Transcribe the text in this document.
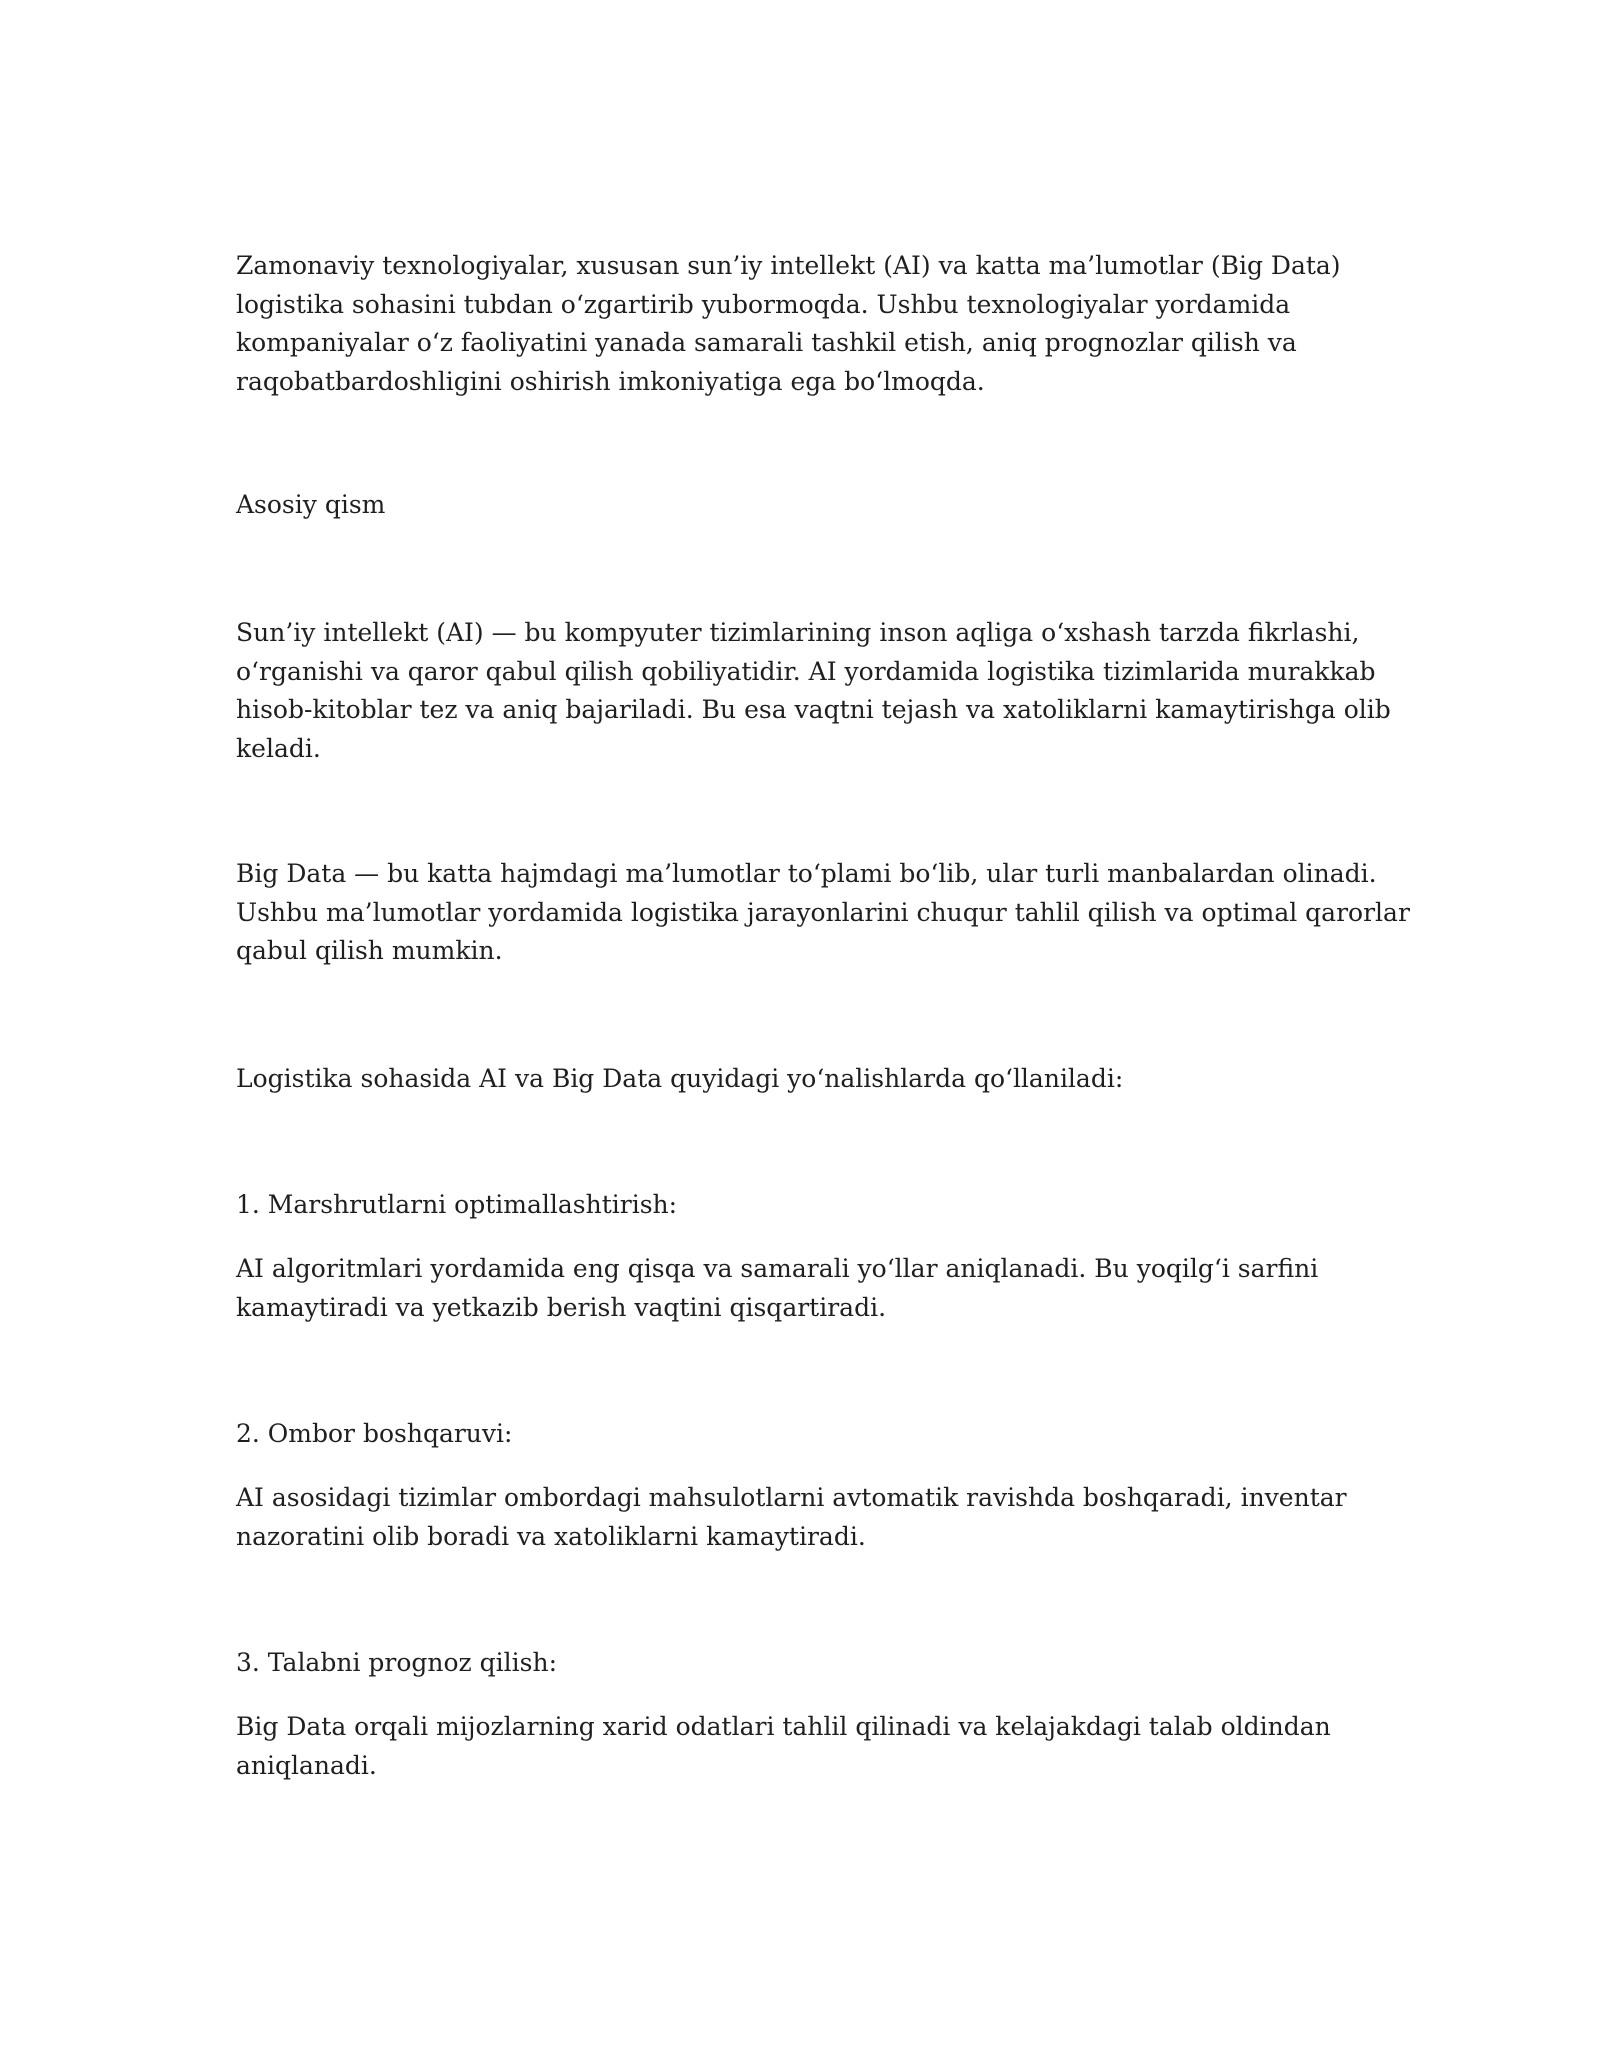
Zamonaviy texnologiyalar, xususan sun’iy intellekt (AI) va katta ma’lumotlar (Big Data)
logistika sohasini tubdan o‘zgartirib yubormoqda. Ushbu texnologiyalar yordamida
kompaniyalar o‘z faoliyatini yanada samarali tashkil etish, aniq prognozlar qilish va
raqobatbardoshligini oshirish imkoniyatiga ega bo‘lmoqda.

Asosiy qism

Sun’iy intellekt (AI) — bu kompyuter tizimlarining inson aqliga o‘xshash tarzda fikrlashi,
o‘rganishi va qaror qabul qilish qobiliyatidir. AI yordamida logistika tizimlarida murakkab
hisob-kitoblar tez va aniq bajariladi. Bu esa vaqtni tejash va xatoliklarni kamaytirishga olib
keladi.

Big Data — bu katta hajmdagi ma’lumotlar to‘plami bo‘lib, ular turli manbalardan olinadi.
Ushbu ma’lumotlar yordamida logistika jarayonlarini chuqur tahlil qilish va optimal qarorlar
qabul qilish mumkin.

Logistika sohasida AI va Big Data quyidagi yo‘nalishlarda qo‘llaniladi:

1. Marshrutlarni optimallashtirish:

AI algoritmlari yordamida eng qisqa va samarali yo‘llar aniqlanadi. Bu yoqilg‘i sarfini
kamaytiradi va yetkazib berish vaqtini qisqartiradi.

2. Ombor boshqaruvi:

AI asosidagi tizimlar ombordagi mahsulotlarni avtomatik ravishda boshqaradi, inventar
nazoratini olib boradi va xatoliklarni kamaytiradi.

3. Talabni prognoz qilish:

Big Data orqali mijozlarning xarid odatlari tahlil qilinadi va kelajakdagi talab oldindan
aniqlanadi.
